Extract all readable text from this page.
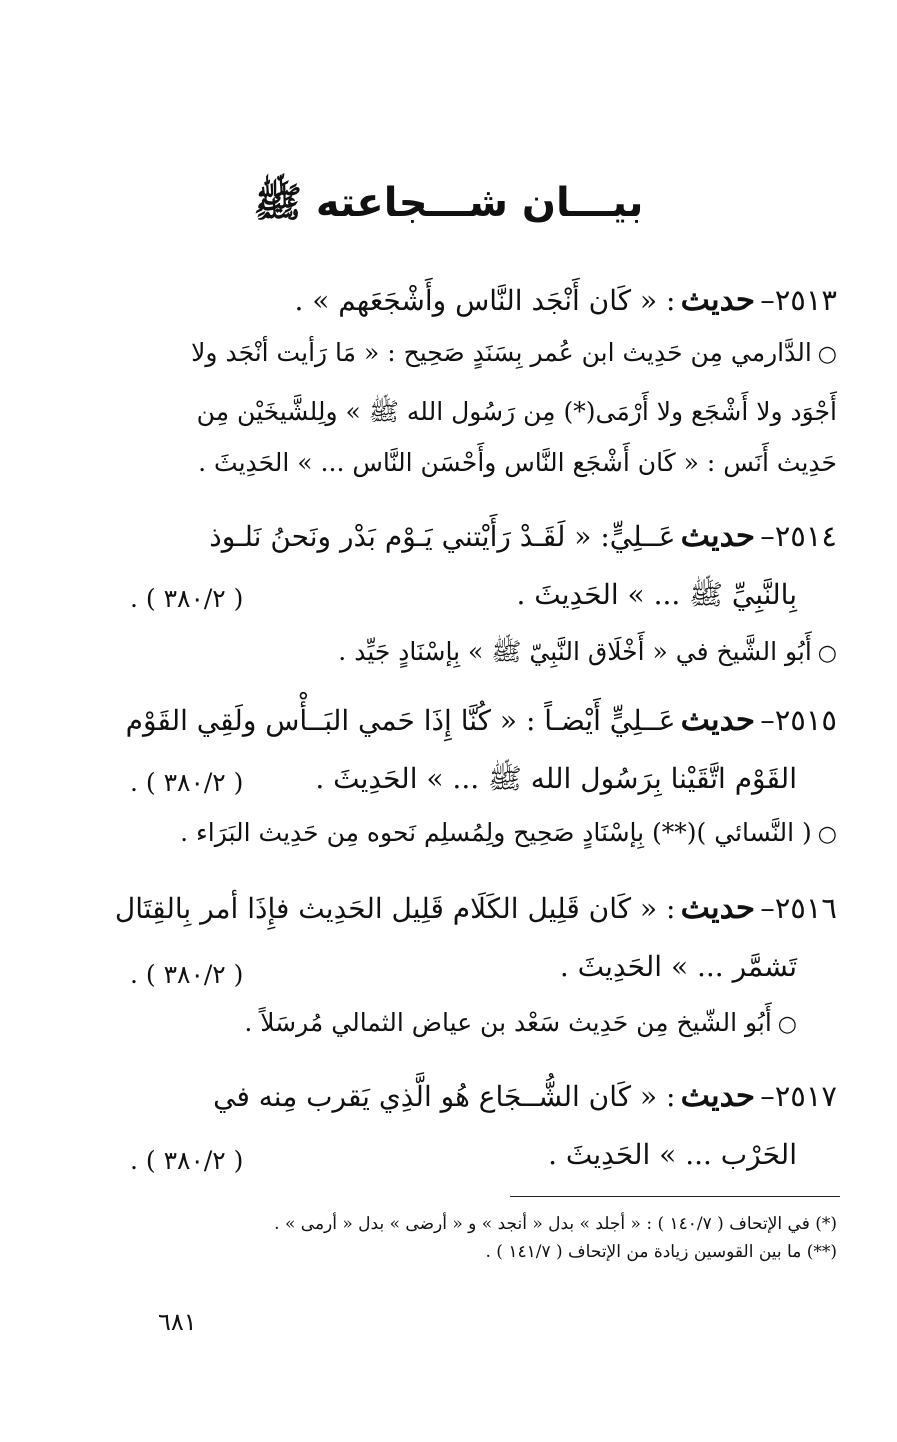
بيـــان شـــجاعته ﷺ
٢٥١٣– حديث : « كَان أَنْجَد النَّاس وأَشْجَعَهم » .
○الدَّارمي مِن حَدِيث ابن عُمر بِسَنَدٍ صَحِيح : « مَا رَأيت أنْجَد ولا
أَجْوَد ولا أَشْجَع ولا أَرْمَى(*) مِن رَسُول الله ﷺ » ولِلشَّيخَيْن مِن
حَدِيث أَنَس : « كَان أَشْجَع النَّاس وأَحْسَن النَّاس ... » الحَدِيثَ .
٢٥١٤– حديث عَــلِيٍّ: « لَقَـدْ رَأَيْتني يَـوْم بَدْر ونَحنُ نَلـوذ
بِالنَّبِيِّ ﷺ ... » الحَدِيثَ .
( ٣٨٠/٢ ) .
○أَبُو الشَّيخ في « أَخْلَاق النَّبِيّ ﷺ » بِإسْنَادٍ جَيِّد .
٢٥١٥– حديث عَــلِيٍّ أَيْضـاً : « كُنَّا إِذَا حَمي البَــأْس ولَقِي القَوْم
القَوْم اتَّقَيْنا بِرَسُول الله ﷺ ... » الحَدِيثَ .
( ٣٨٠/٢ ) .
○( النَّسائي )(**) بِإسْنَادٍ صَحِيح ولِمُسلِم نَحوه مِن حَدِيث البَرَاء .
٢٥١٦– حديث : « كَان قَلِيل الكَلَام قَلِيل الحَدِيث فإِذَا أمر بِالقِتَال
تَشمَّر ... » الحَدِيثَ .
( ٣٨٠/٢ ) .
○أَبُو الشّيخ مِن حَدِيث سَعْد بن عياض الثمالي مُرسَلاً .
٢٥١٧– حديث : « كَان الشُّــجَاع هُو الَّذِي يَقرب مِنه في
الحَرْب ... » الحَدِيثَ .
( ٣٨٠/٢ ) .
(*) في الإتحاف ( ١٤٠/٧ ) : « أجلد » بدل « أنجد » و « أرضى » بدل « أرمى » .
(**) ما بين القوسين زيادة من الإتحاف ( ١٤١/٧ ) .
٦٨١
